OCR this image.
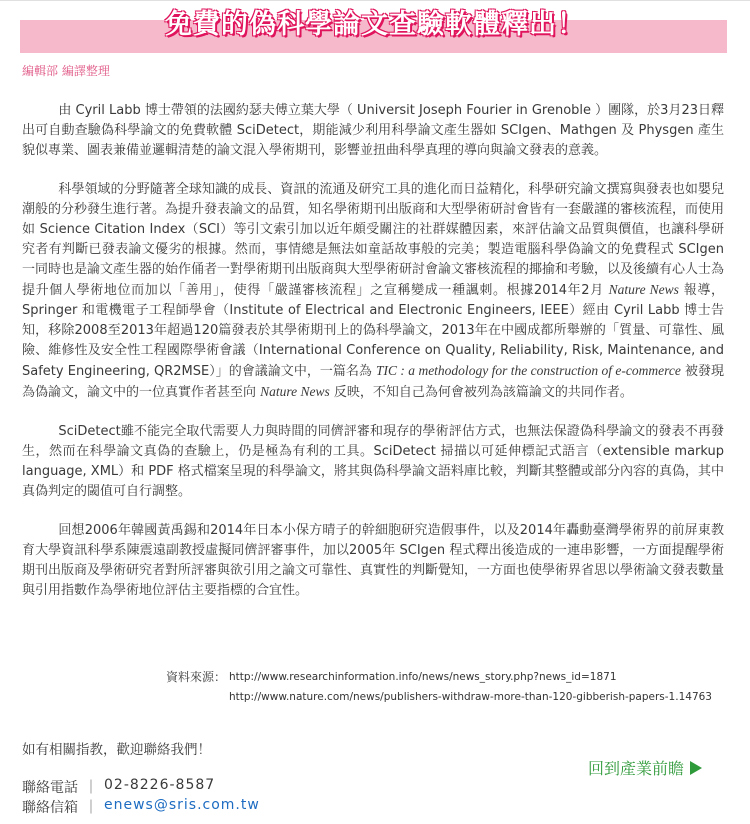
免費的偽科學論文查驗軟體釋出！
編輯部 編譯整理

由 Cyril Labb 博士帶領的法國約瑟夫傅立葉大學（ Universit Joseph Fourier in Grenoble ）團隊，於3月23日釋出可自動查驗偽科學論文的免費軟體 SciDetect，期能減少利用科學論文產生器如 SCIgen、Mathgen 及 Physgen 產生貌似專業、圖表兼備並邏輯清楚的論文混入學術期刊，影響並扭曲科學真理的導向與論文發表的意義。

科學領域的分野隨著全球知識的成長、資訊的流通及研究工具的進化而日益精化，科學研究論文撰寫與發表也如嬰兒潮般的分秒發生進行著。為提升發表論文的品質，知名學術期刊出版商和大型學術研討會皆有一套嚴謹的審核流程，而使用如 Science Citation Index（SCI）等引文索引加以近年頗受關注的社群媒體因素，來評估論文品質與價值，也讓科學研究者有判斷已發表論文優劣的根據。然而，事情總是無法如童話故事般的完美；製造電腦科學偽論文的免費程式 SCIgen 一同時也是論文產生器的始作俑者一對學術期刊出版商與大型學術研討會論文審核流程的揶揄和考驗，以及後續有心人士為提升個人學術地位而加以「善用」，使得「嚴謹審核流程」之宣稱變成一種諷刺。根據2014年2月 Nature News 報導，Springer 和電機電子工程師學會（Institute of Electrical and Electronic Engineers, IEEE）經由 Cyril Labb 博士告知，移除2008至2013年超過120篇發表於其學術期刊上的偽科學論文，2013年在中國成都所舉辦的「質量、可靠性、風險、維修性及安全性工程國際學術會議（International Conference on Quality, Reliability, Risk, Maintenance, and Safety Engineering, QR2MSE）」的會議論文中，一篇名為 TIC : a methodology for the construction of e-commerce 被發現為偽論文，論文中的一位真實作者甚至向 Nature News 反映，不知自己為何會被列為該篇論文的共同作者。

SciDetect雖不能完全取代需要人力與時間的同儕評審和現存的學術評估方式，也無法保證偽科學論文的發表不再發生，然而在科學論文真偽的查驗上，仍是極為有利的工具。SciDetect 掃描以可延伸標記式語言（extensible markup language, XML）和 PDF 格式檔案呈現的科學論文，將其與偽科學論文語料庫比較，判斷其整體或部分內容的真偽，其中真偽判定的閾值可自行調整。

回想2006年韓國黃禹錫和2014年日本小保方晴子的幹細胞研究造假事件，以及2014年轟動臺灣學術界的前屏東教育大學資訊科學系陳震遠副教授虛擬同儕評審事件，加以2005年 SCIgen 程式釋出後造成的一連串影響，一方面提醒學術期刊出版商及學術研究者對所評審與欲引用之論文可靠性、真實性的判斷覺知，一方面也使學術界省思以學術論文發表數量與引用指數作為學術地位評估主要指標的合宜性。

資料來源： http://www.researchinformation.info/news/news_story.php?news_id=1871
http://www.nature.com/news/publishers-withdraw-more-than-120-gibberish-papers-1.14763
如有相關指教，歡迎聯絡我們！
回到產業前瞻
聯絡電話 ｜ 02-8226-8587
聯絡信箱 ｜ enews@sris.com.tw
